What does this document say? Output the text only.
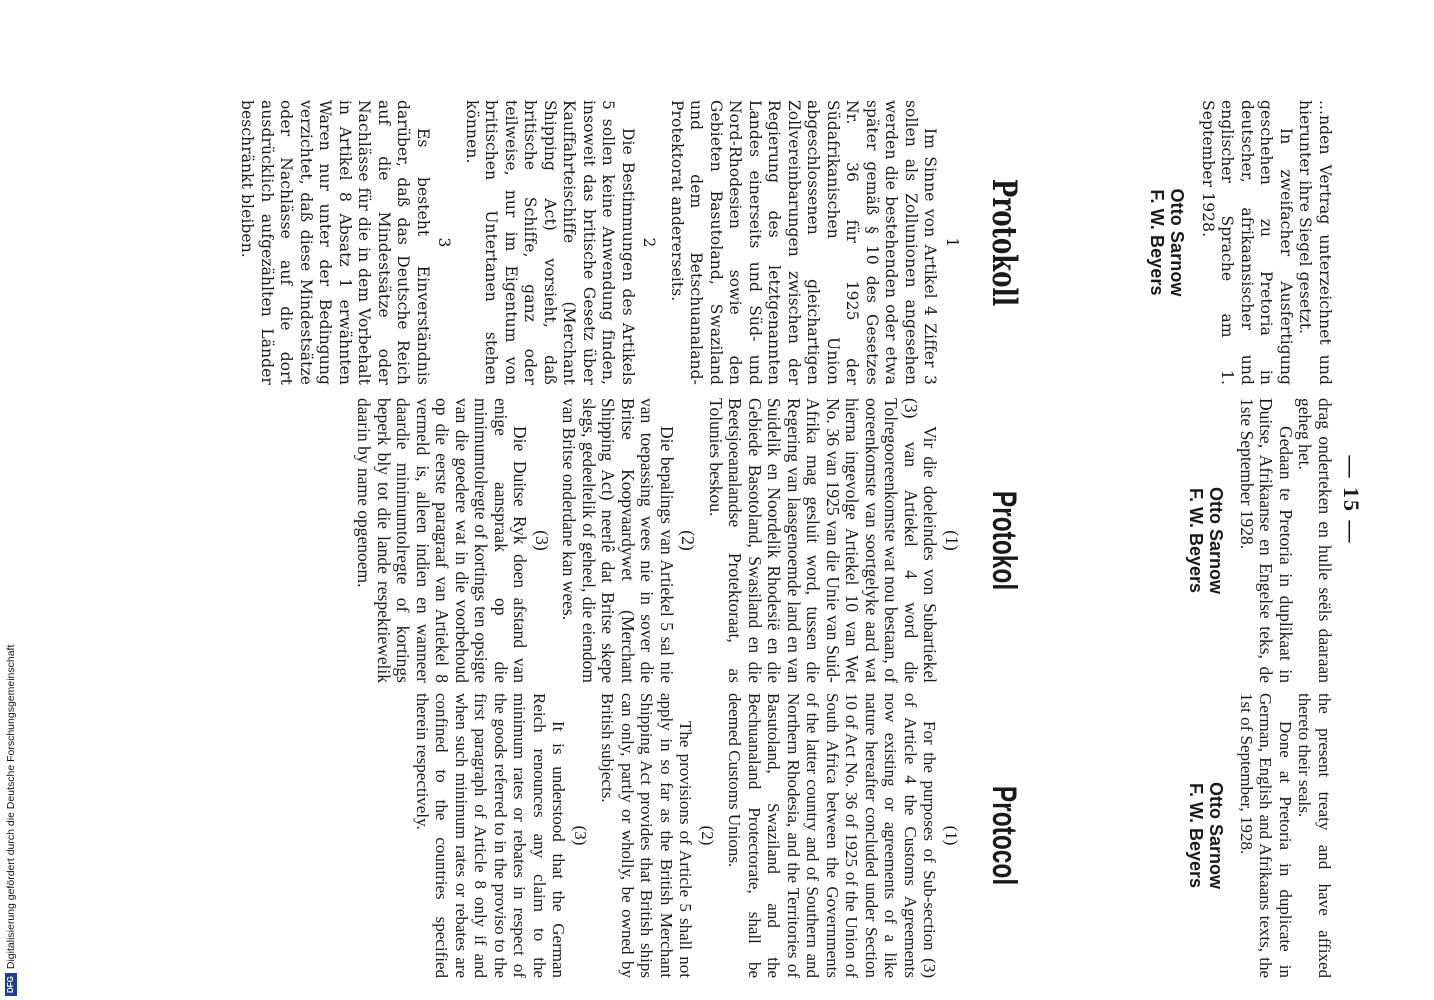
— 15 —

...nden Vertrag unterzeichnet und hierunter ihre Siegel gesetzt.

In zweifacher Ausfertigung geschehen zu Pretoria in deutscher, afrikaansischer und englischer Sprache am 1. September 1928.

Otto Sarnow
F. W. Beyers
Protokoll
1

Im Sinne von Artikel 4 Ziffer 3 sollen als Zollunionen angesehen werden die bestehenden oder etwa später gemäß § 10 des Gesetzes Nr. 36 für 1925 der Südafrikanischen Union abgeschlossenen gleichartigen Zollvereinbarungen zwischen der Regierung des letztgenannten Landes einerseits und Süd- und Nord-Rhodesien sowie den Gebieten Basutoland, Swaziland und dem Betschuanaland-Protektorat andererseits.

2

Die Bestimmungen des Artikels 5 sollen keine Anwendung finden, insoweit das britische Gesetz über Kauffahrteischiffe (Merchant Shipping Act) vorsieht, daß britische Schiffe, ganz oder teilweise, nur im Eigentum von britischen Untertanen stehen können.

3

Es besteht Einverständnis darüber, daß das Deutsche Reich auf die Mindestsätze oder Nachlässe für die in dem Vorbehalt in Artikel 8 Absatz 1 erwähnten Waren nur unter der Bedingung verzichtet, daß diese Mindestsätze oder Nachlässe auf die dort ausdrücklich aufgezählten Länder beschränkt bleiben.

drag onderteken en hulle seëls daaraan geheg het.

Gedaan te Pretoria in duplikaat in Duitse, Afrikaanse en Engelse teks, de 1ste September 1928.

Otto Sarnow
F. W. Beyers
Protokol
(1)

Vir die doeleindes von Subartiekel (3) van Artiekel 4 word die Tolregooreenkomste wat nou bestaan, of ooreenkomste van soortgelyke aard wat hierna ingevolge Artiekel 10 van Wet No. 36 van 1925 van die Unie van Suid-Afrika mag gesluit word, tussen die Regering van laasgenoemde land en van Suidelik en Noordelik Rhodesië en die Gebiede Basotoland, Swasiland en die Beetsjoeanalandse Protektoraat, as Tolunies beskou.

(2)

Die bepalings van Artiekel 5 sal nie van toepassing wees nie in sover die Britse Koopvaardywet (Merchant Shipping Act) neerlê dat Britse skepe slegs, gedeeltelik of geheel, die eiendom van Britse onderdane kan wees.

(3)

Die Duitse Ryk doen afstand van enige aanspraak op die minimumtolregte of kortings ten opsigte van die goedere wat in die voorbehoud op die eerste paragraaf van Artiekel 8 vermeld is, alleen indien en wanneer daardie minimumtolregte of kortings beperk bly tot die lande respektiewelik daarin by name opgenoem.

the present treaty and have affixed thereto their seals.

Done at Pretoria in duplicate in German, English and Afrikaans texts, the 1st of September, 1928.

Otto Sarnow
F. W. Beyers
Protocol
(1)

For the purposes of Sub-section (3) of Article 4 the Customs Agreements now existing or agreements of a like nature hereafter concluded under Section 10 of Act No. 36 of 1925 of the Union of South Africa between the Governments of the latter country and of Southern and Northern Rhodesia, and the Territories of Basutoland, Swaziland and the Bechuanaland Protectorate, shall be deemed Customs Unions.

(2)

The provisions of Article 5 shall not apply in so far as the British Merchant Shipping Act provides that British ships can only, partly or wholly, be owned by British subjects.

(3)

It is understood that the German Reich renounces any claim to the minimum rates or rebates in respect of the goods referred to in the proviso to the first paragraph of Article 8 only if and when such minimum rates or rebates are confined to the countries specified therein respectively.

DFGDigitalisierung gefördert durch die Deutsche Forschungsgemeinschaft
